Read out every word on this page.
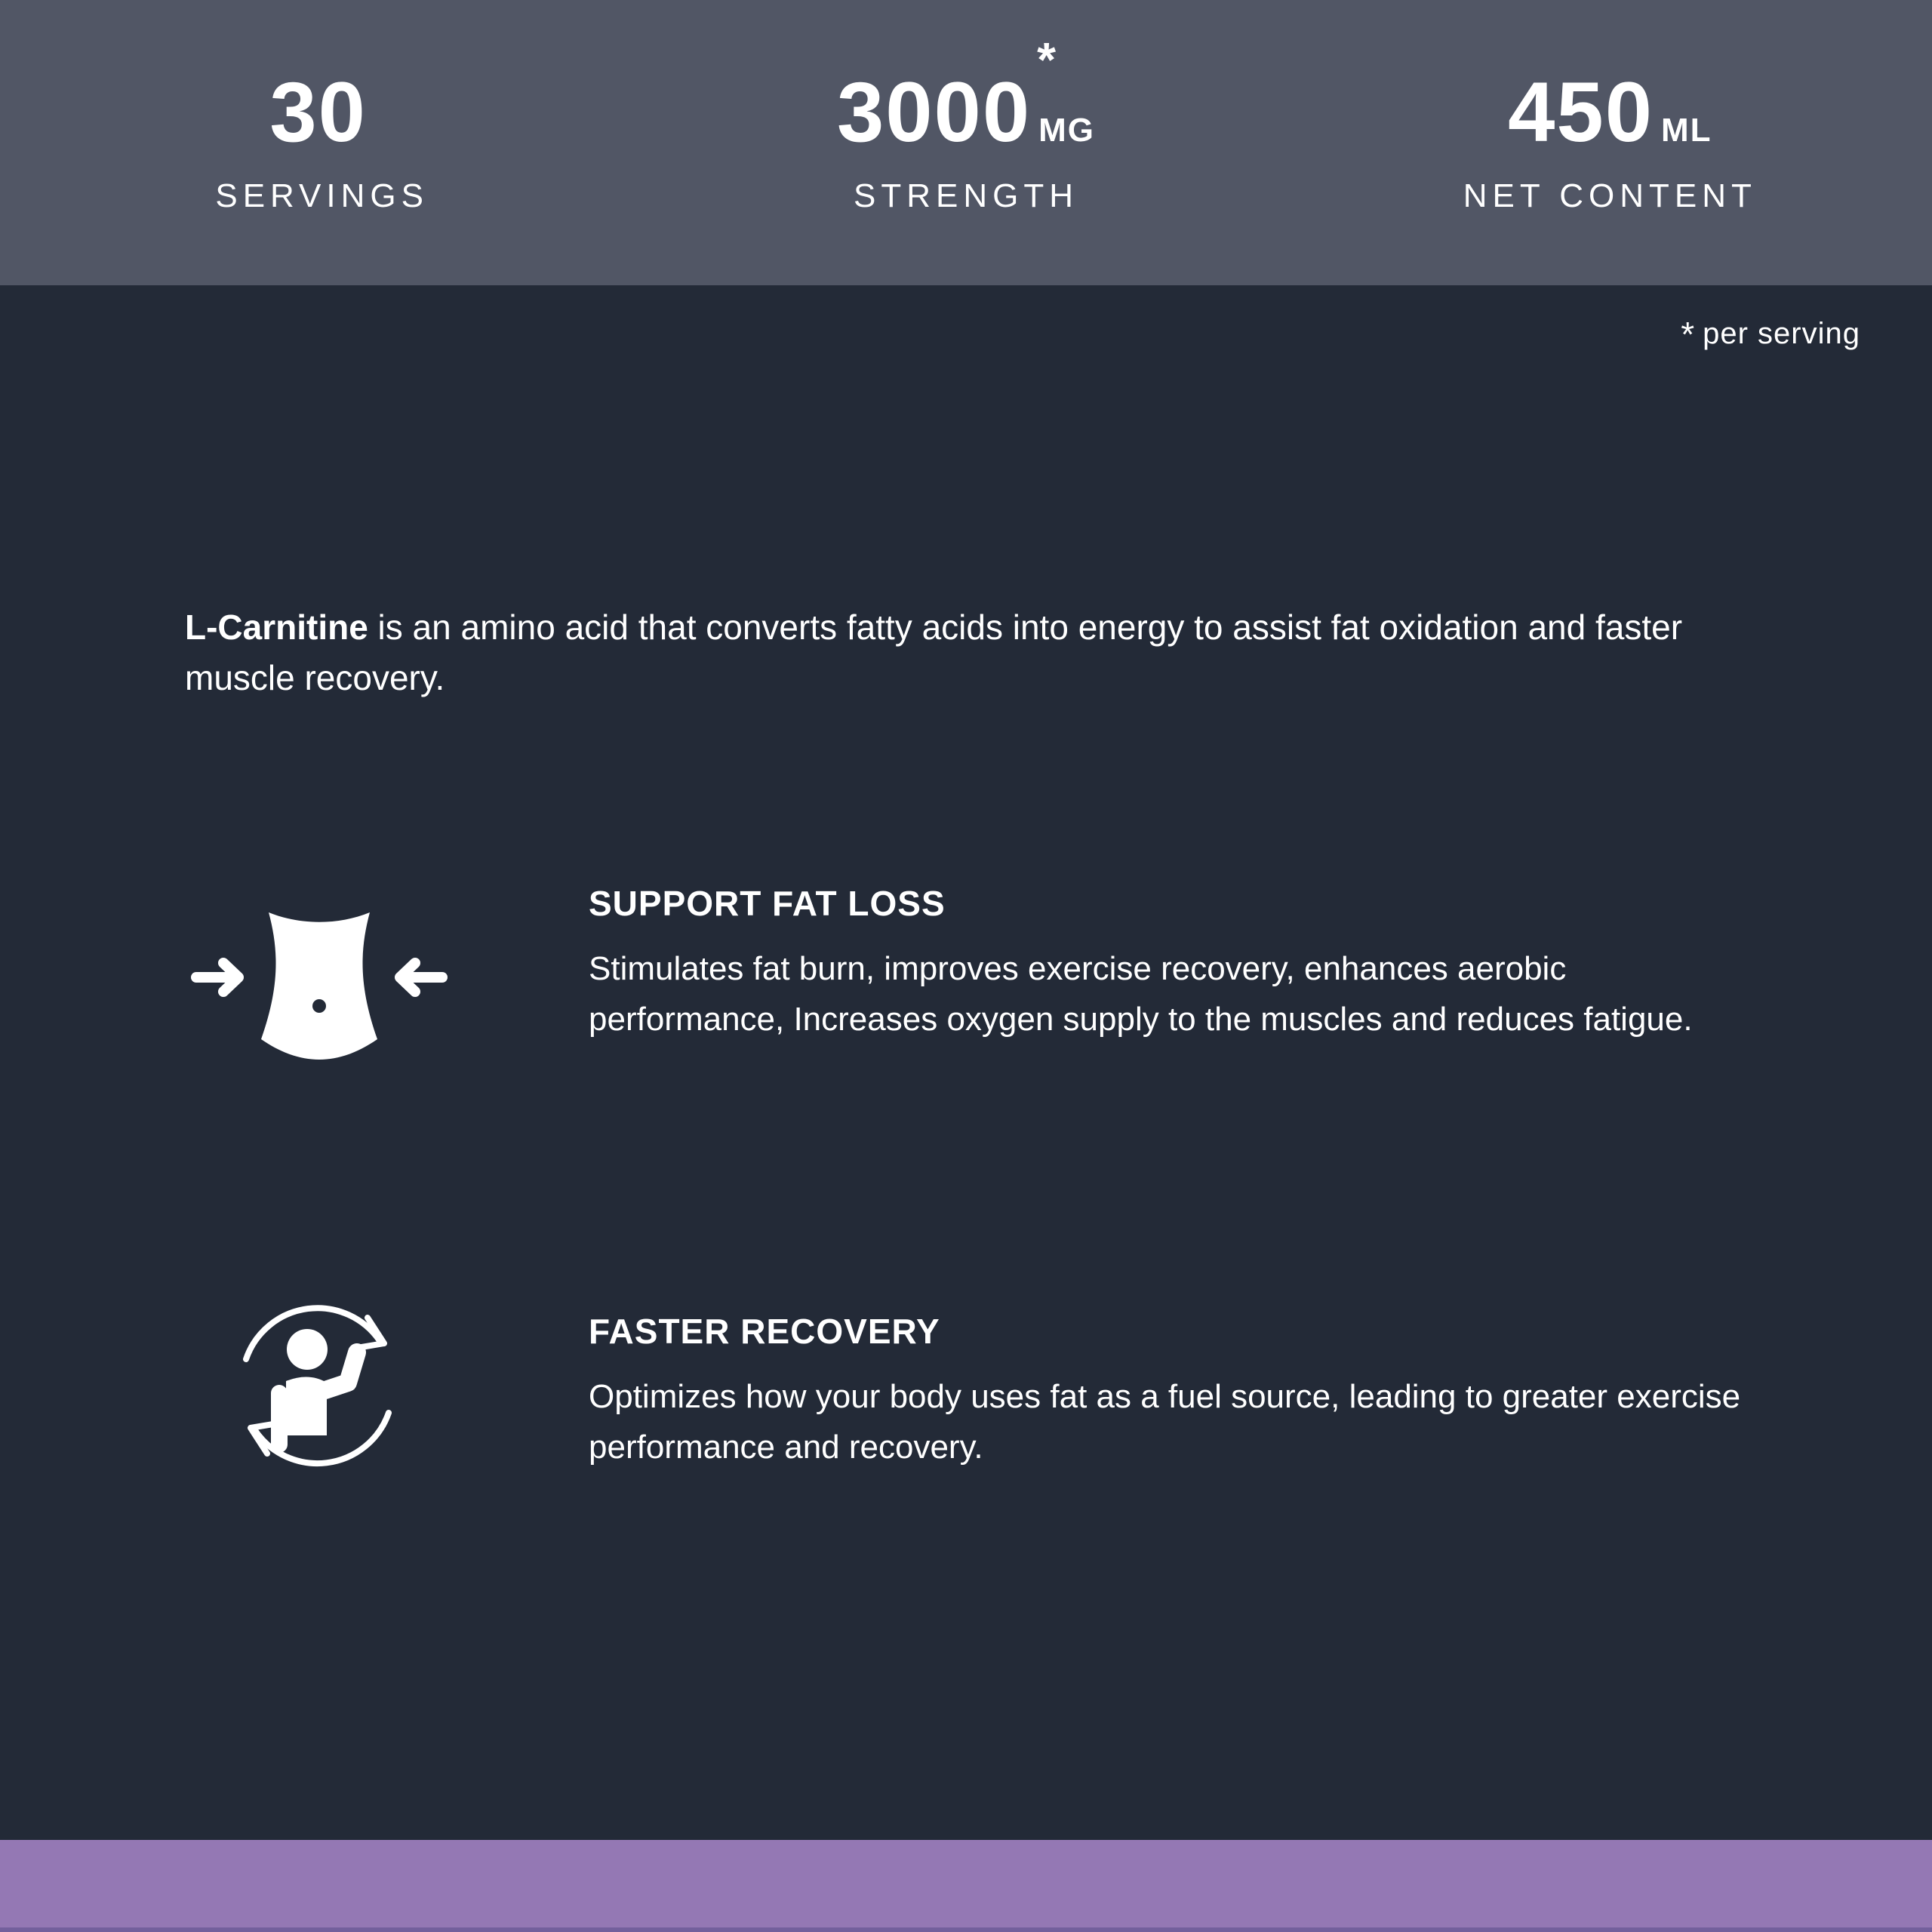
30
SERVINGS
3000
*
MG
STRENGTH
450 ML
NET CONTENT
* per serving

L-Carnitine is an amino acid that converts fatty acids into energy to assist fat oxidation and faster muscle recovery.

SUPPORT FAT LOSS

Stimulates fat burn, improves exercise recovery, enhances aerobic performance, Increases oxygen supply to the muscles and reduces fatigue.

FASTER RECOVERY

Optimizes how your body uses fat as a fuel source, leading to greater exercise performance and recovery.
